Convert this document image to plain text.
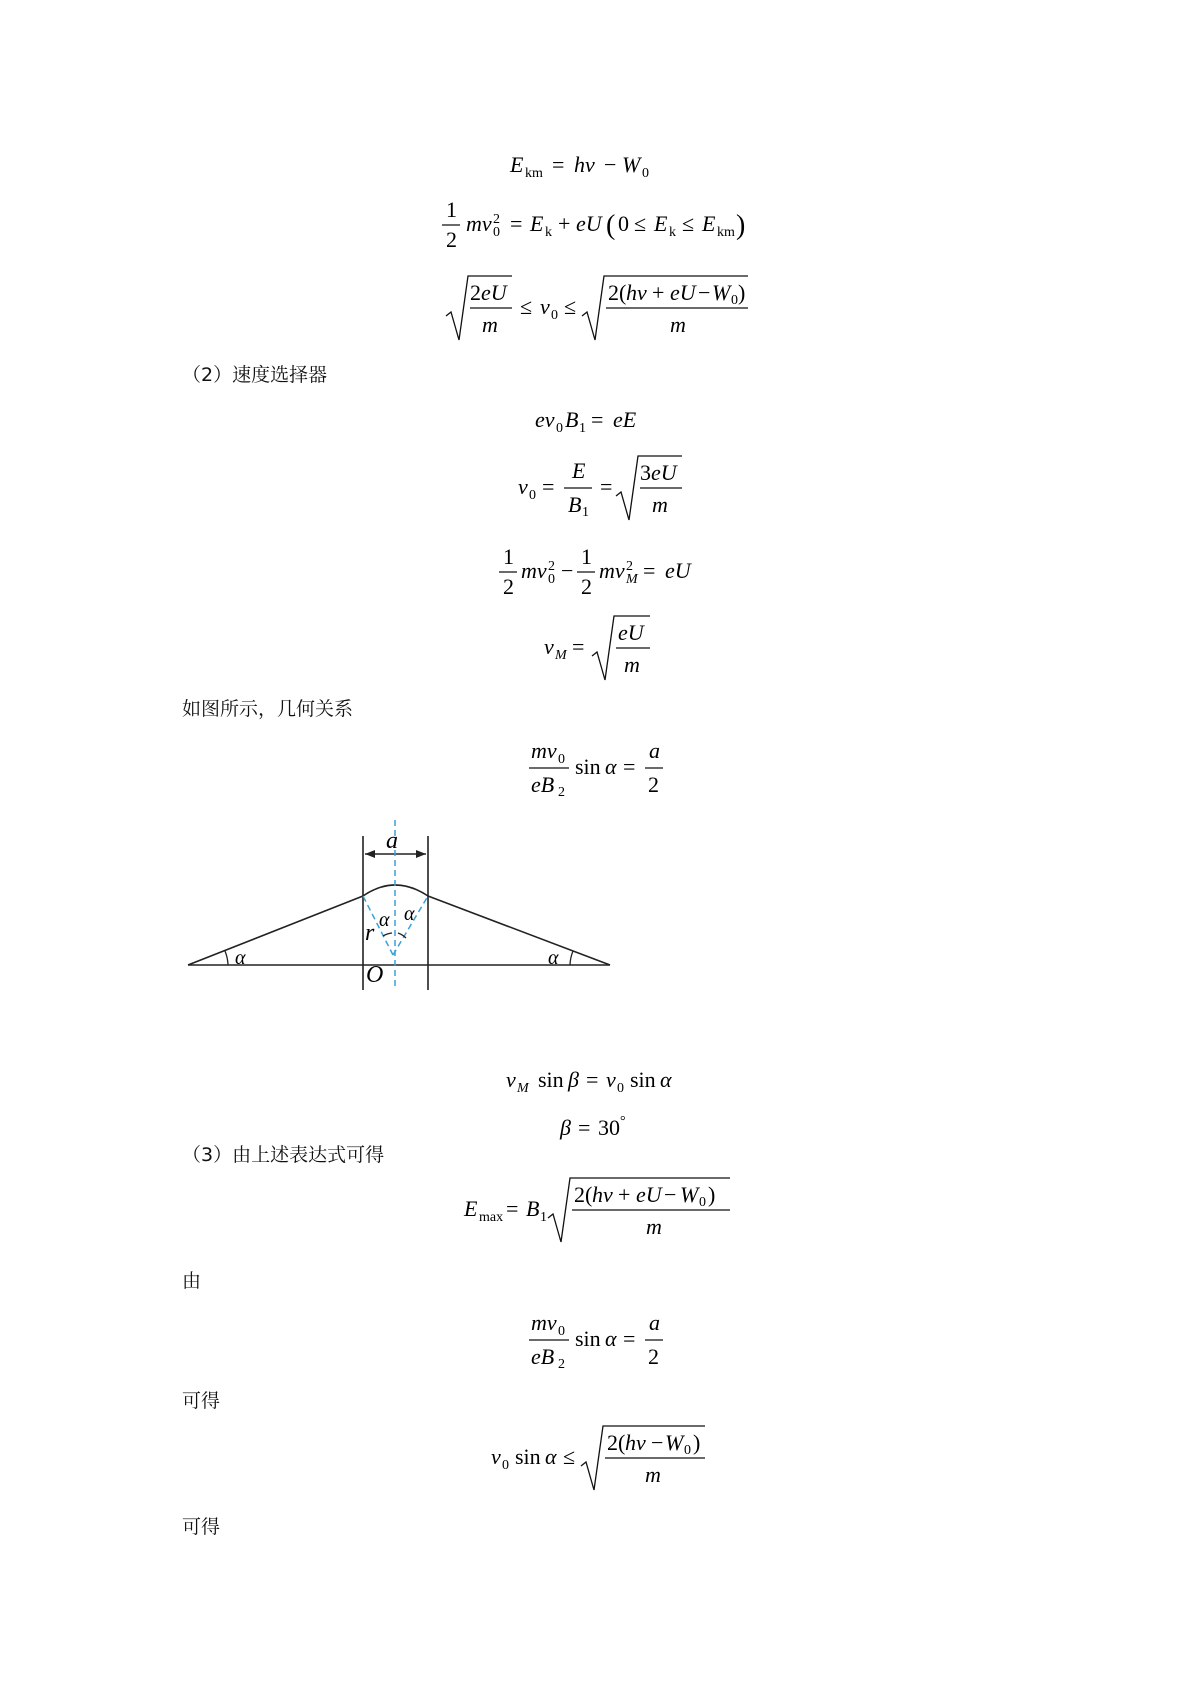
E km = hν − W 0
1
2
mv 2
0 = E k + eU ( 0 ≤ E k ≤ E km )
2 eU
m
≤ v 0 ≤
2( hν + eU − W 0 )
m
（2）速度选择器
ev 0 B 1 = eE
v 0 =
E
B 1
=
3 eU
m
1
2
mv 2
0 −
1
2
mv 2
M = eU
v M =
eU
m
如图所示，几何关系
mv 0
eB 2
sin α =
a
2
a
r α α
α	α
O
v M sin β = v 0 sin α
β = 30 °
（3）由上述表达式可得
E max = B 1
2( hν + eU − W 0 )
m
由
mv 0
eB 2
sin α =
a
2
可得
v 0 sin α ≤
2( hν − W 0 )
m
可得
